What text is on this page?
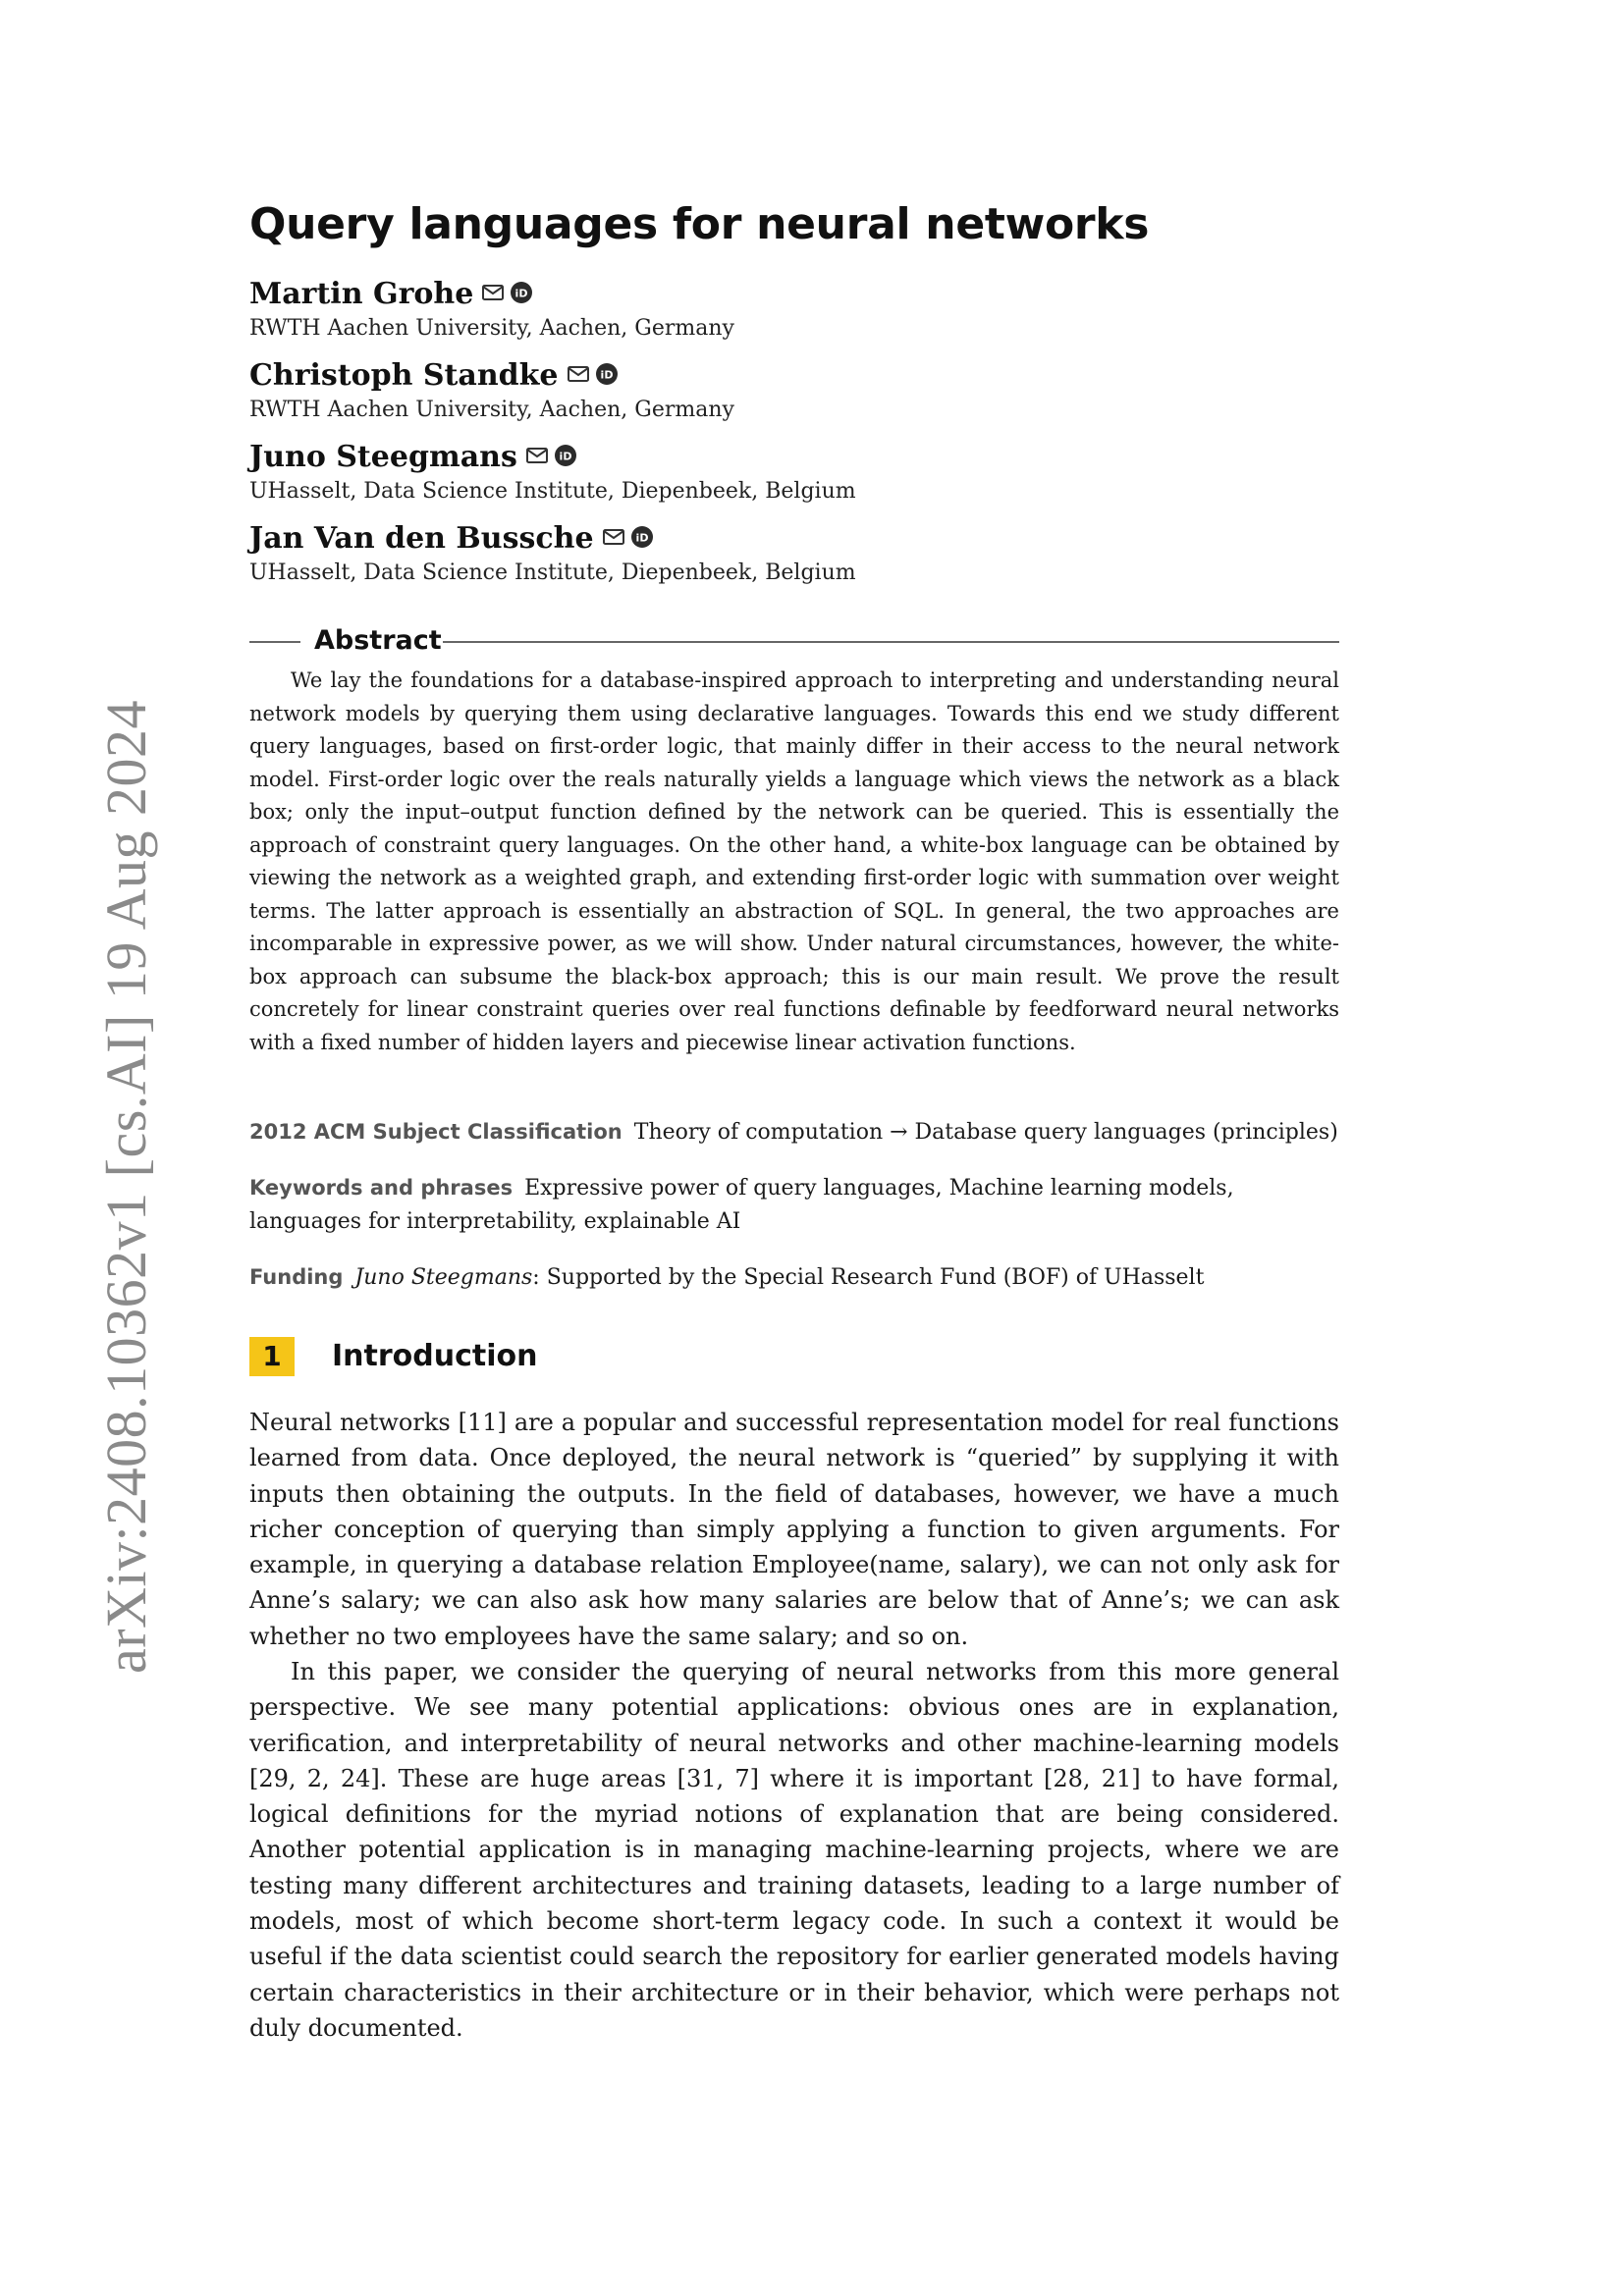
arXiv:2408.10362v1 [cs.AI] 19 Aug 2024
Query languages for neural networks
Martin Grohe	iD
RWTH Aachen University, Aachen, Germany
Christoph Standke	iD
RWTH Aachen University, Aachen, Germany
Juno Steegmans	iD
UHasselt, Data Science Institute, Diepenbeek, Belgium
Jan Van den Bussche	iD
UHasselt, Data Science Institute, Diepenbeek, Belgium
Abstract

We lay the foundations for a database-inspired approach to interpreting and understanding neural network models by querying them using declarative languages. Towards this end we study different query languages, based on first-order logic, that mainly differ in their access to the neural network model. First-order logic over the reals naturally yields a language which views the network as a black box; only the input–output function defined by the network can be queried. This is essentially the approach of constraint query languages. On the other hand, a white-box language can be obtained by viewing the network as a weighted graph, and extending first-order logic with summation over weight terms. The latter approach is essentially an abstraction of SQL. In general, the two approaches are incomparable in expressive power, as we will show. Under natural circumstances, however, the white-box approach can subsume the black-box approach; this is our main result. We prove the result concretely for linear constraint queries over real functions definable by feedforward neural networks with a fixed number of hidden layers and piecewise linear activation functions.

2012 ACM Subject Classification Theory of computation → Database query languages (principles)
Keywords and phrases Expressive power of query languages, Machine learning models, languages for interpretability, explainable AI
Funding Juno Steegmans: Supported by the Special Research Fund (BOF) of UHasselt
1	Introduction

Neural networks [11] are a popular and successful representation model for real functions learned from data. Once deployed, the neural network is “queried” by supplying it with inputs then obtaining the outputs. In the field of databases, however, we have a much richer conception of querying than simply applying a function to given arguments. For example, in querying a database relation Employee(name, salary), we can not only ask for Anne’s salary; we can also ask how many salaries are below that of Anne’s; we can ask whether no two employees have the same salary; and so on.

In this paper, we consider the querying of neural networks from this more general perspective. We see many potential applications: obvious ones are in explanation, verification, and interpretability of neural networks and other machine-learning models [29, 2, 24]. These are huge areas [31, 7] where it is important [28, 21] to have formal, logical definitions for the myriad notions of explanation that are being considered. Another potential application is in managing machine-learning projects, where we are testing many different architectures and training datasets, leading to a large number of models, most of which become short-term legacy code. In such a context it would be useful if the data scientist could search the repository for earlier generated models having certain characteristics in their architecture or in their behavior, which were perhaps not duly documented.
